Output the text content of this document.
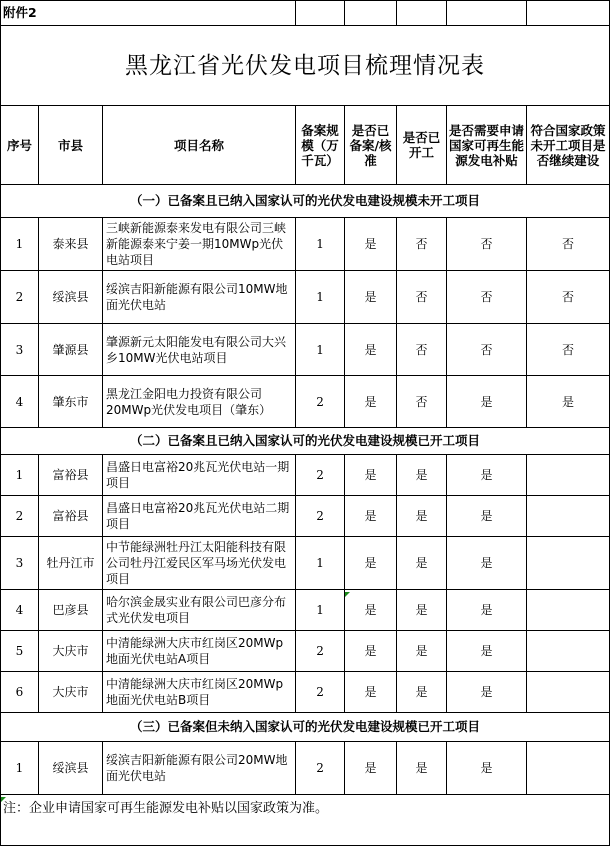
附件2							
黑龙江省光伏发电项目梳理情况表							
序号	市县	项目名称	备案规模（万千瓦）	是否已备案/核准	是否已开工	是否需要申请国家可再生能源发电补贴	符合国家政策未开工项目是否继续建设
（一）已备案且已纳入国家认可的光伏发电建设规模未开工项目							
1	泰来县	三峡新能源泰来发电有限公司三峡新能源泰来宁姜一期10MWp光伏电站项目	1	是	否	否	否
2	绥滨县	绥滨吉阳新能源有限公司10MW地面光伏电站	1	是	否	否	否
3	肇源县	肇源新元太阳能发电有限公司大兴乡10MW光伏电站项目	1	是	否	否	否
4	肇东市	黑龙江金阳电力投资有限公司20MWp光伏发电项目（肇东）	2	是	否	是	是
（二）已备案且已纳入国家认可的光伏发电建设规模已开工项目							
1	富裕县	昌盛日电富裕20兆瓦光伏电站一期项目	2	是	是	是	
2	富裕县	昌盛日电富裕20兆瓦光伏电站二期项目	2	是	是	是	
3	牡丹江市	中节能绿洲牡丹江太阳能科技有限公司牡丹江爱民区军马场光伏发电项目	1	是	是	是	
4	巴彦县	哈尔滨金晟实业有限公司巴彦分布式光伏发电项目	1	是	是	是	
5	大庆市	中清能绿洲大庆市红岗区20MWp地面光伏电站A项目	2	是	是	是	
6	大庆市	中清能绿洲大庆市红岗区20MWp地面光伏电站B项目	2	是	是	是	
（三）已备案但未纳入国家认可的光伏发电建设规模已开工项目							
1	绥滨县	绥滨吉阳新能源有限公司20MW地面光伏电站	2	是	是	是	
注：企业申请国家可再生能源发电补贴以国家政策为准。							
